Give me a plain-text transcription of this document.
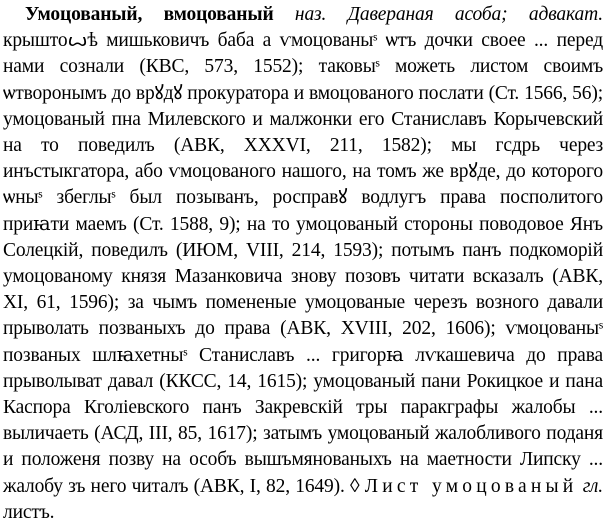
Умоцованый, вмоцованый наз. Даверaная асоба; адвакат. крыштоꙍѣ мишьковичъ баба а ѵмоцованыˢ ѡтъ дочки своее ... перед нами сознали (КВС, 573, 1552); таковыˢ можеть листом своимъ ѡтворонымъ до врꙋдꙋ прокуратора и вмоцованого послати (Ст. 1566, 56); умоцованый пна Милевского и малжонки его Станиславъ Корычевский на то поведилъ (АВК, XXXVI, 211, 1582); мы гсдрь черeз инъстыкгатора, або ѵмоцованого нашого, на томъ же врꙋде, до которого ѡныˢ збеглыˢ был позыванъ, росправꙋ водлугъ права посполитого приꙗти маемъ (Ст. 1588, 9); на то умоцованый стороны поводовое Янъ Солецкій, поведилъ (ИЮМ, VIII, 214, 1593); потымъ панъ подкоморій умоцованому князя Мазанковича знову позовъ читати всказалъ (АВК, XI, 61, 1596); за чымъ помененые умоцованые черезъ возного давали прыволать позваныхъ до права (АВК, XVIII, 202, 1606); ѵмоцованыˢ позваных шлꙗхетныˢ Станиславъ ... григорꙗ лѵкашевича до права прыволыват давал (ККСС, 14, 1615); умоцованый пани Рокицкое и пана Каспора Кголіевского панъ Закревскій тры паракграфы жалобы ... выличаеть (АСД, III, 85, 1617); затымъ умоцованый жалобливого поданя и положеня позву на особъ вышъмянованыхъ на маетности Липску ... жалобу зъ него читалъ (АВК, I, 82, 1649). ◊ Лист умоцованый гл. листъ.
